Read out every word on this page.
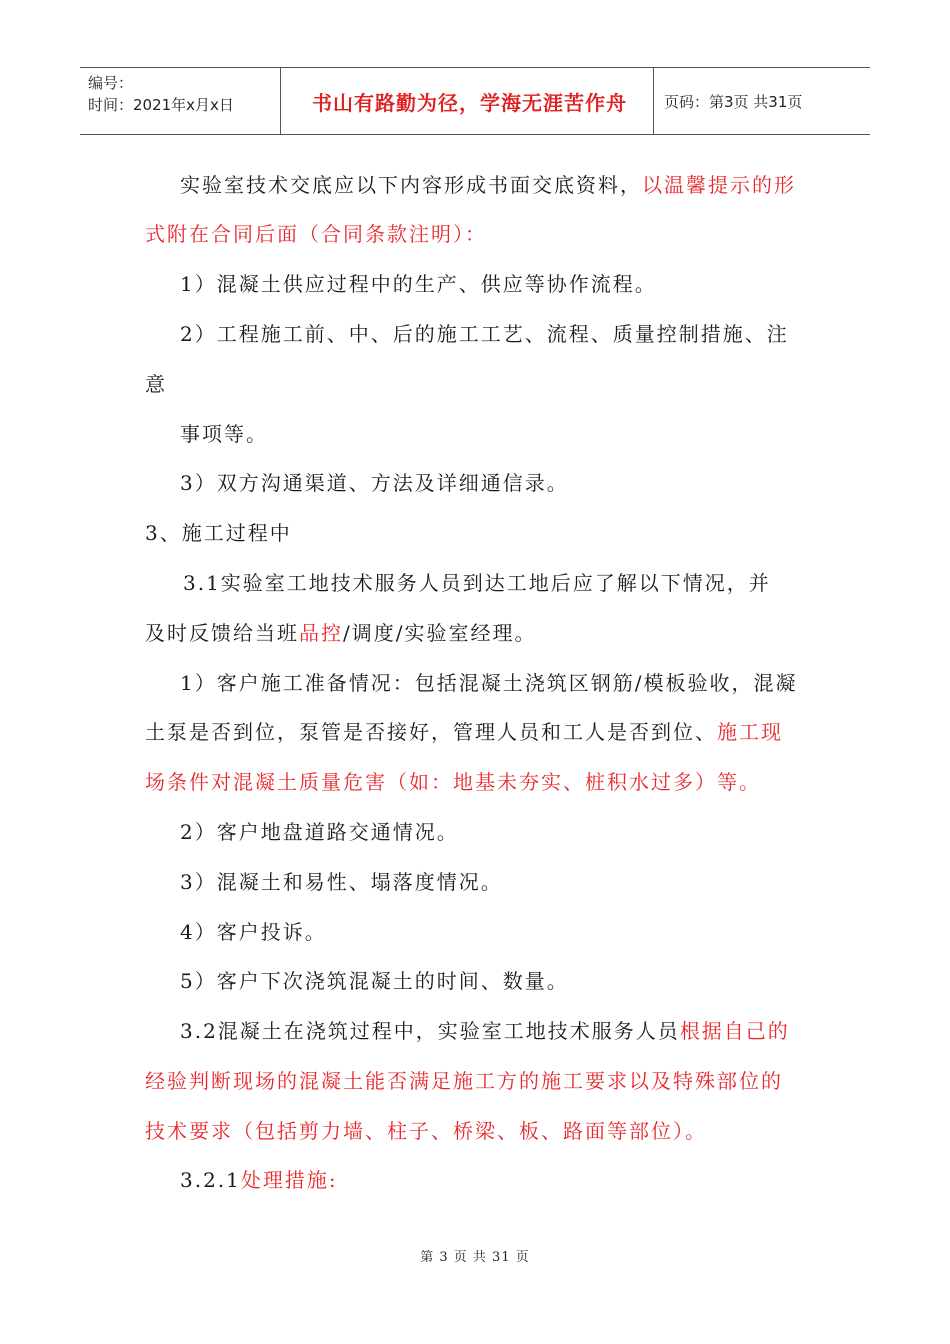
编号：
时间：2021年x月x日	书山有路勤为径，学海无涯苦作舟	页码：第3页 共31页
实验室技术交底应以下内容形成书面交底资料，以温馨提示的形
式附在合同后面（合同条款注明）：
1）混凝土供应过程中的生产、供应等协作流程。
2）工程施工前、中、后的施工工艺、流程、质量控制措施、注
意
事项等。
3）双方沟通渠道、方法及详细通信录。
3、施工过程中
3.1实验室工地技术服务人员到达工地后应了解以下情况，并
及时反馈给当班品控/调度/实验室经理。
1）客户施工准备情况：包括混凝土浇筑区钢筋/模板验收，混凝
土泵是否到位，泵管是否接好，管理人员和工人是否到位、施工现
场条件对混凝土质量危害（如：地基未夯实、桩积水过多）等。
2）客户地盘道路交通情况。
3）混凝土和易性、塌落度情况。
4）客户投诉。
5）客户下次浇筑混凝土的时间、数量。
3.2混凝土在浇筑过程中，实验室工地技术服务人员根据自己的
经验判断现场的混凝土能否满足施工方的施工要求以及特殊部位的
技术要求（包括剪力墙、柱子、桥梁、板、路面等部位）。
3.2.1处理措施:
第 3 页 共 31 页
